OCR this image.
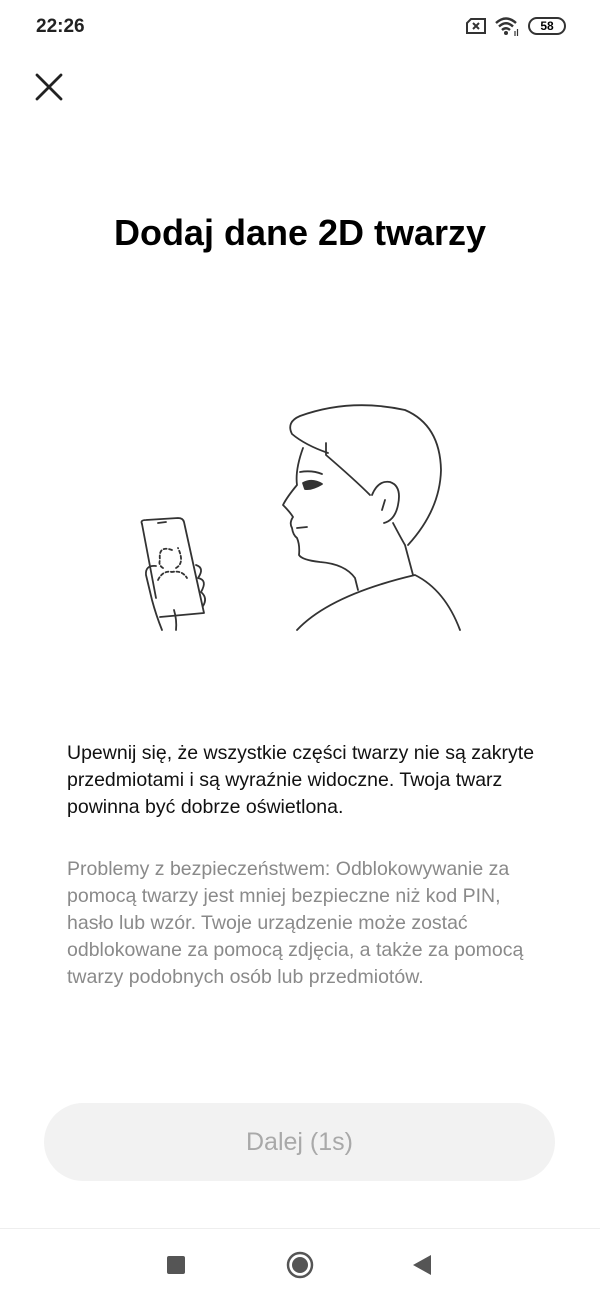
22:26	58
Dodaj dane 2D twarzy
Upewnij się, że wszystkie części twarzy nie są zakryte przedmiotami i są wyraźnie widoczne. Twoja twarz powinna być dobrze oświetlona.
Problemy z bezpieczeństwem: Odblokowywanie za pomocą twarzy jest mniej bezpieczne niż kod PIN, hasło lub wzór. Twoje urządzenie może zostać odblokowane za pomocą zdjęcia, a także za pomocą twarzy podobnych osób lub przedmiotów.
Dalej (1s)
